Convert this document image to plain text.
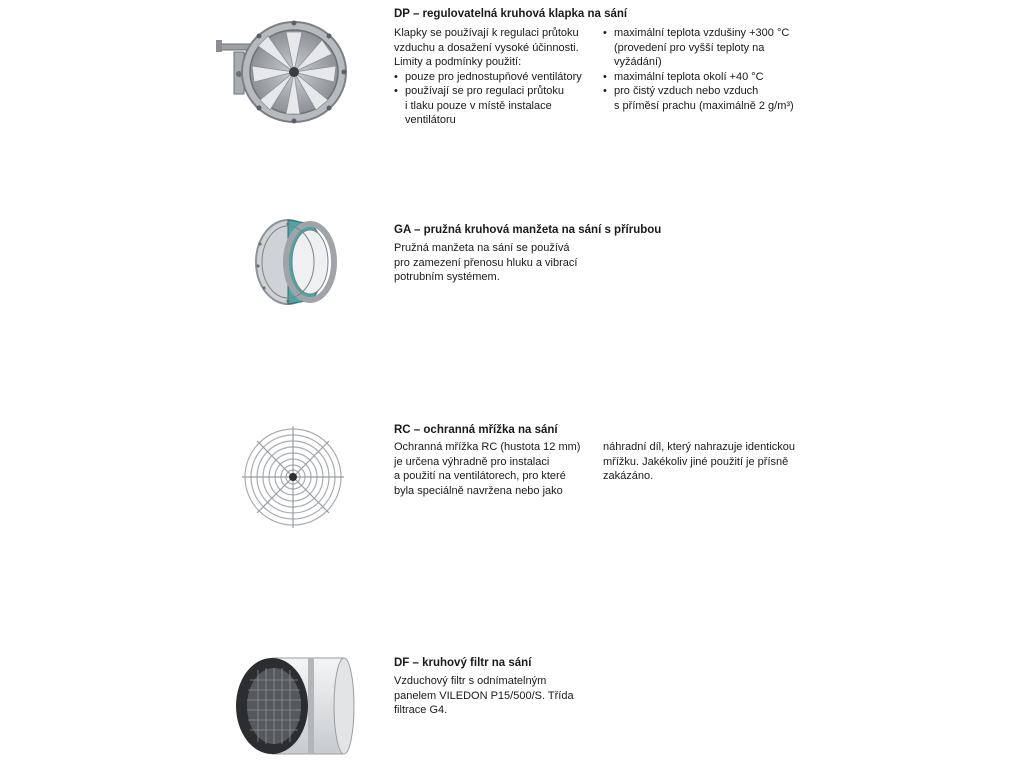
DP – regulovatelná kruhová klapka na sání

Klapky se používají k regulaci průtoku
vzduchu a dosažení vysoké účinnosti.
Limity a podmínky použití:

• pouze pro jednostupňové ventilátory
• používají se pro regulaci průtoku
i tlaku pouze v místě instalace
ventilátoru
• maximální teplota vzdušiny +300 °C
(provedení pro vyšší teploty na
vyžádání)
• maximální teplota okolí +40 °C
• pro čistý vzduch nebo vzduch
s příměsí prachu (maximálně 2 g/m³)
GA – pružná kruhová manžeta na sání s přírubou

Pružná manžeta na sání se používá
pro zamezení přenosu hluku a vibrací
potrubním systémem.

RC – ochranná mřížka na sání

Ochranná mřížka RC (hustota 12 mm)
je určena výhradně pro instalaci
a použití na ventilátorech, pro které
byla speciálně navržena nebo jako

náhradní díl, který nahrazuje identickou
mřížku. Jakékoliv jiné použití je přísně
zakázáno.

DF – kruhový filtr na sání

Vzduchový filtr s odnímatelným
panelem VILEDON P15/500/S. Třída
filtrace G4.
